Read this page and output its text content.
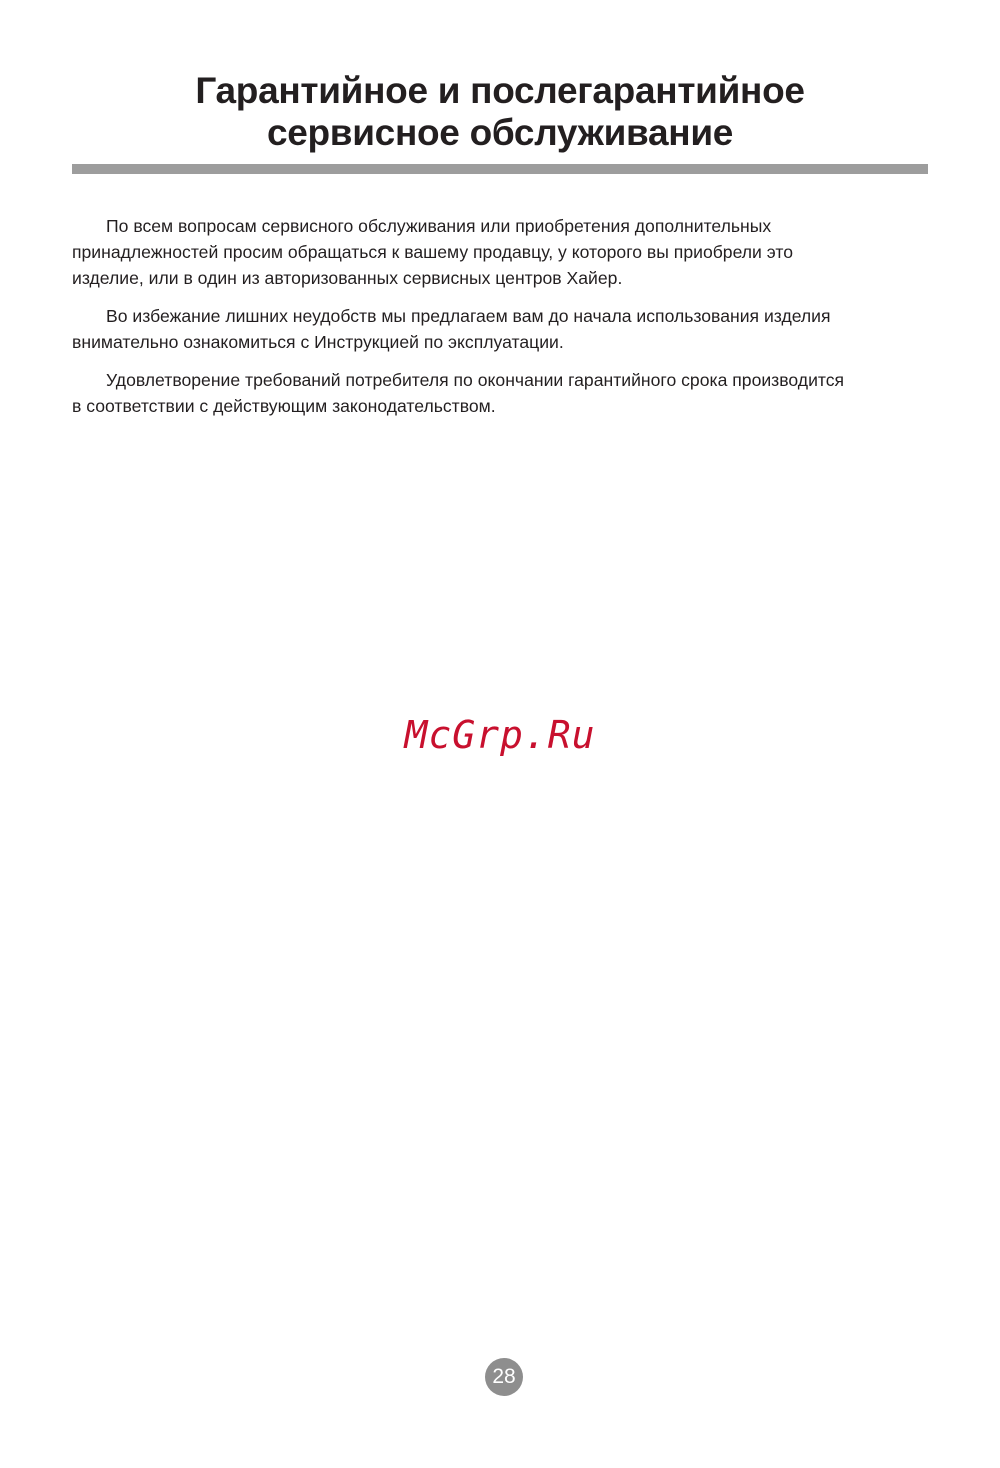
Гарантийное и послегарантийное
сервисное обслуживание

По всем вопросам сервисного обслуживания или приобретения дополнительных
принадлежностей просим обращаться к вашему продавцу, у которого вы приобрели это
изделие, или в один из авторизованных сервисных центров Хайер.

Во избежание лишних неудобств мы предлагаем вам до начала использования изделия
внимательно ознакомиться с Инструкцией по эксплуатации.

Удовлетворение требований потребителя по окончании гарантийного срока производится
в соответствии с действующим законодательством.

McGrp.Ru
28
